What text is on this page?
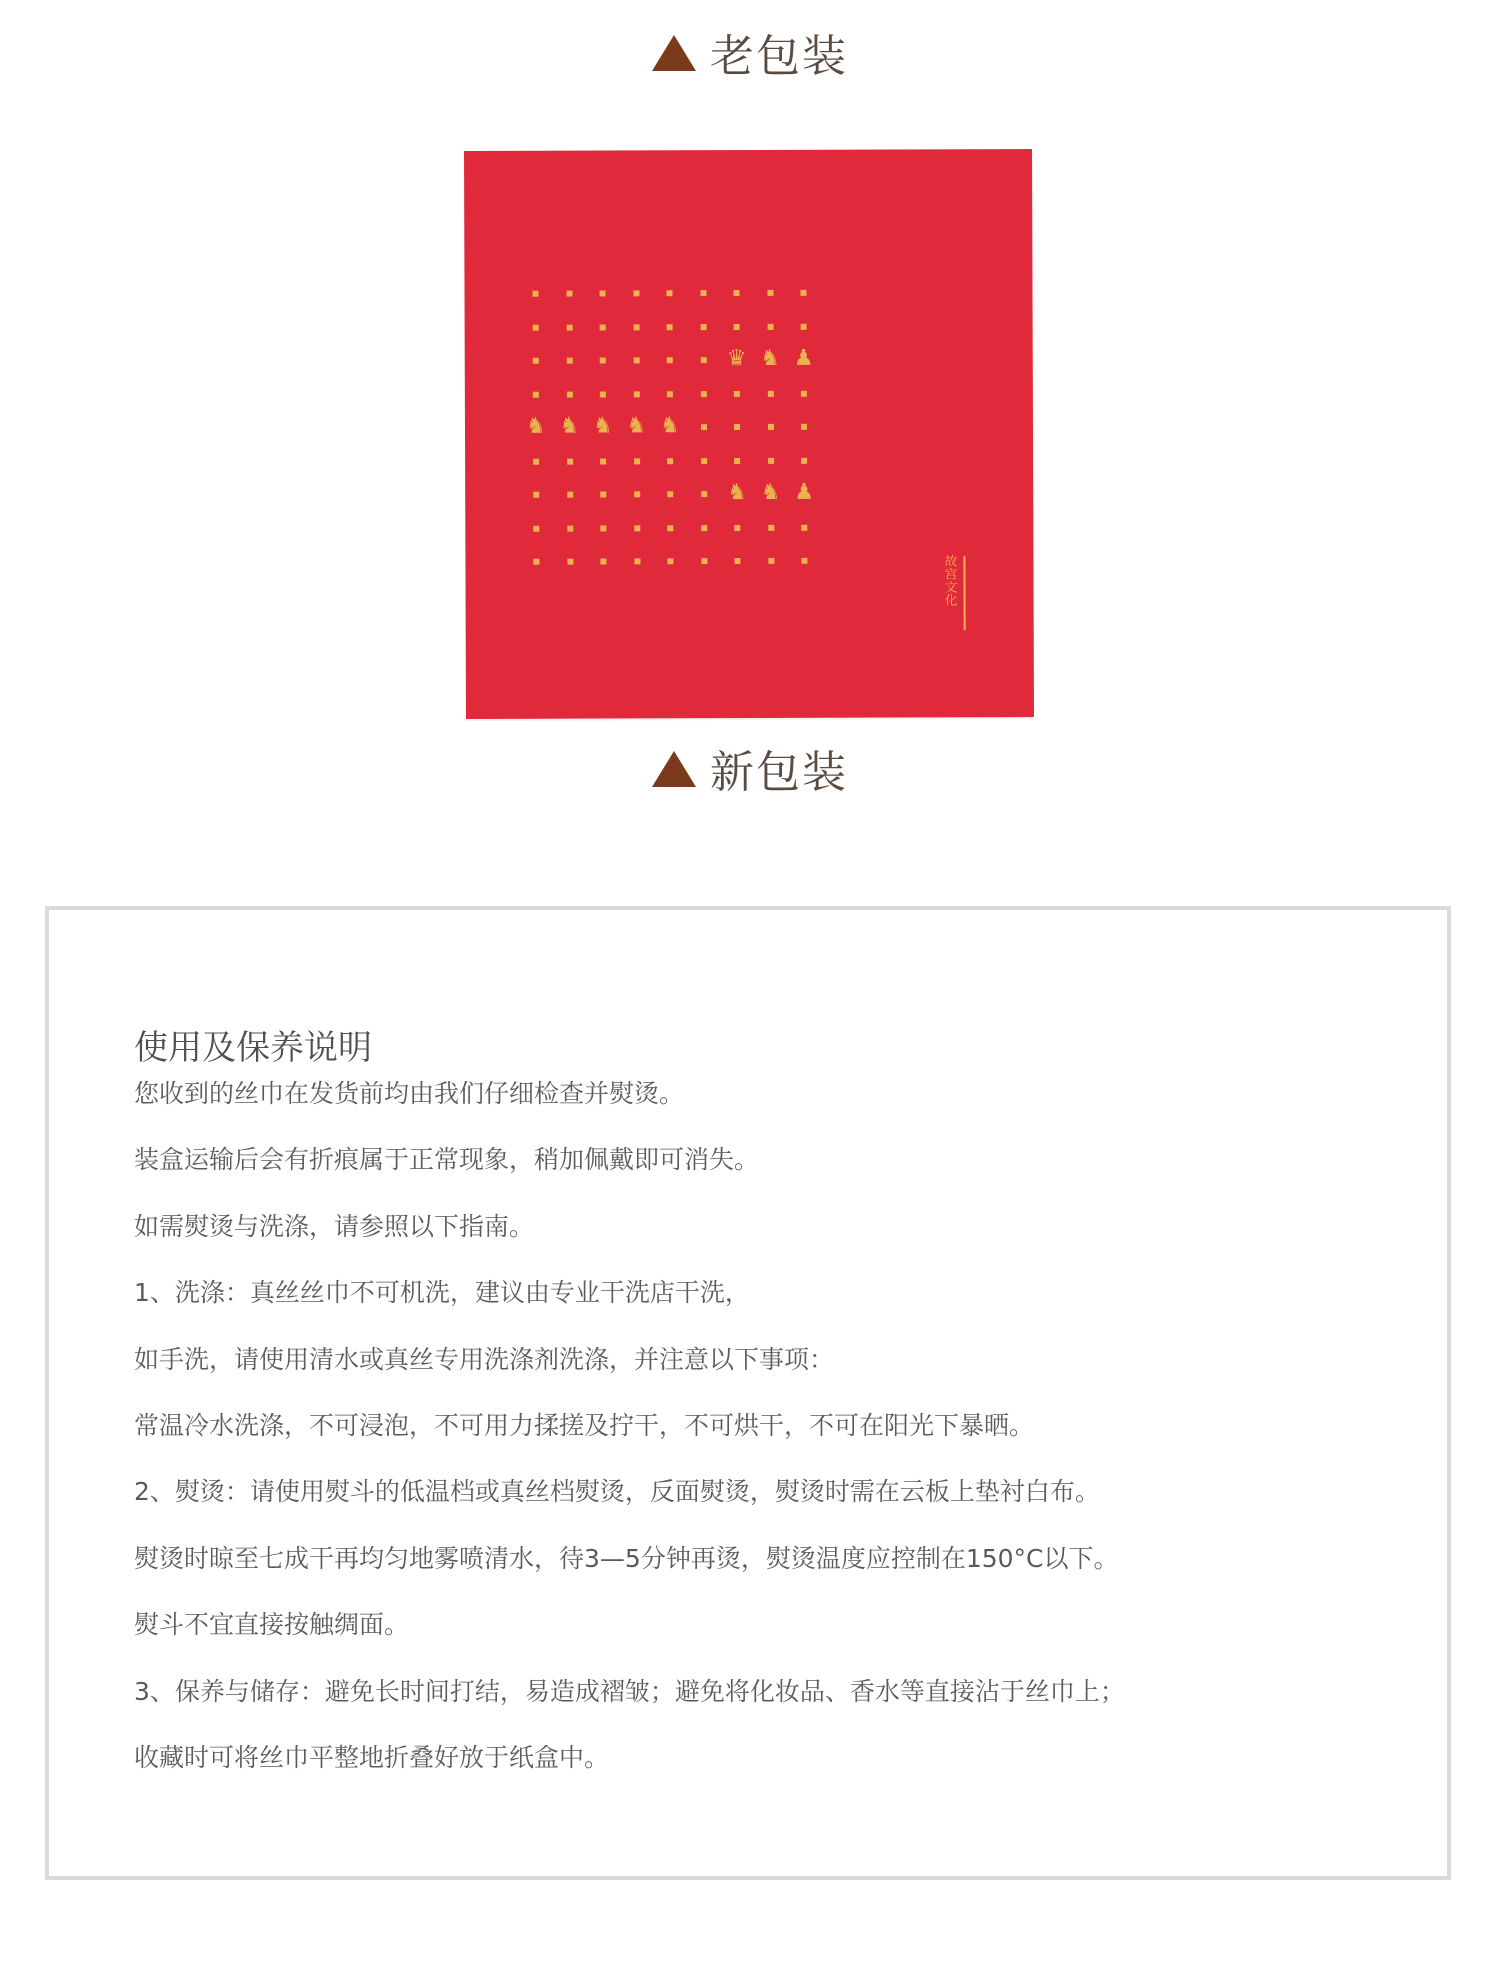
老包装
♛ ♞ ♟
♞ ♞ ♞ ♞ ♞
♞ ♞ ♟
故宫文化
新包装
使用及保养说明
您收到的丝巾在发货前均由我们仔细检查并熨烫。
装盒运输后会有折痕属于正常现象，稍加佩戴即可消失。
如需熨烫与洗涤，请参照以下指南。
1、洗涤：真丝丝巾不可机洗，建议由专业干洗店干洗，
如手洗，请使用清水或真丝专用洗涤剂洗涤，并注意以下事项：
常温冷水洗涤，不可浸泡，不可用力揉搓及拧干，不可烘干，不可在阳光下暴晒。
2、熨烫：请使用熨斗的低温档或真丝档熨烫，反面熨烫，熨烫时需在云板上垫衬白布。
熨烫时晾至七成干再均匀地雾喷清水，待3—5分钟再烫，熨烫温度应控制在150°C以下。
熨斗不宜直接按触绸面。
3、保养与储存：避免长时间打结，易造成褶皱；避免将化妆品、香水等直接沾于丝巾上；
收藏时可将丝巾平整地折叠好放于纸盒中。
